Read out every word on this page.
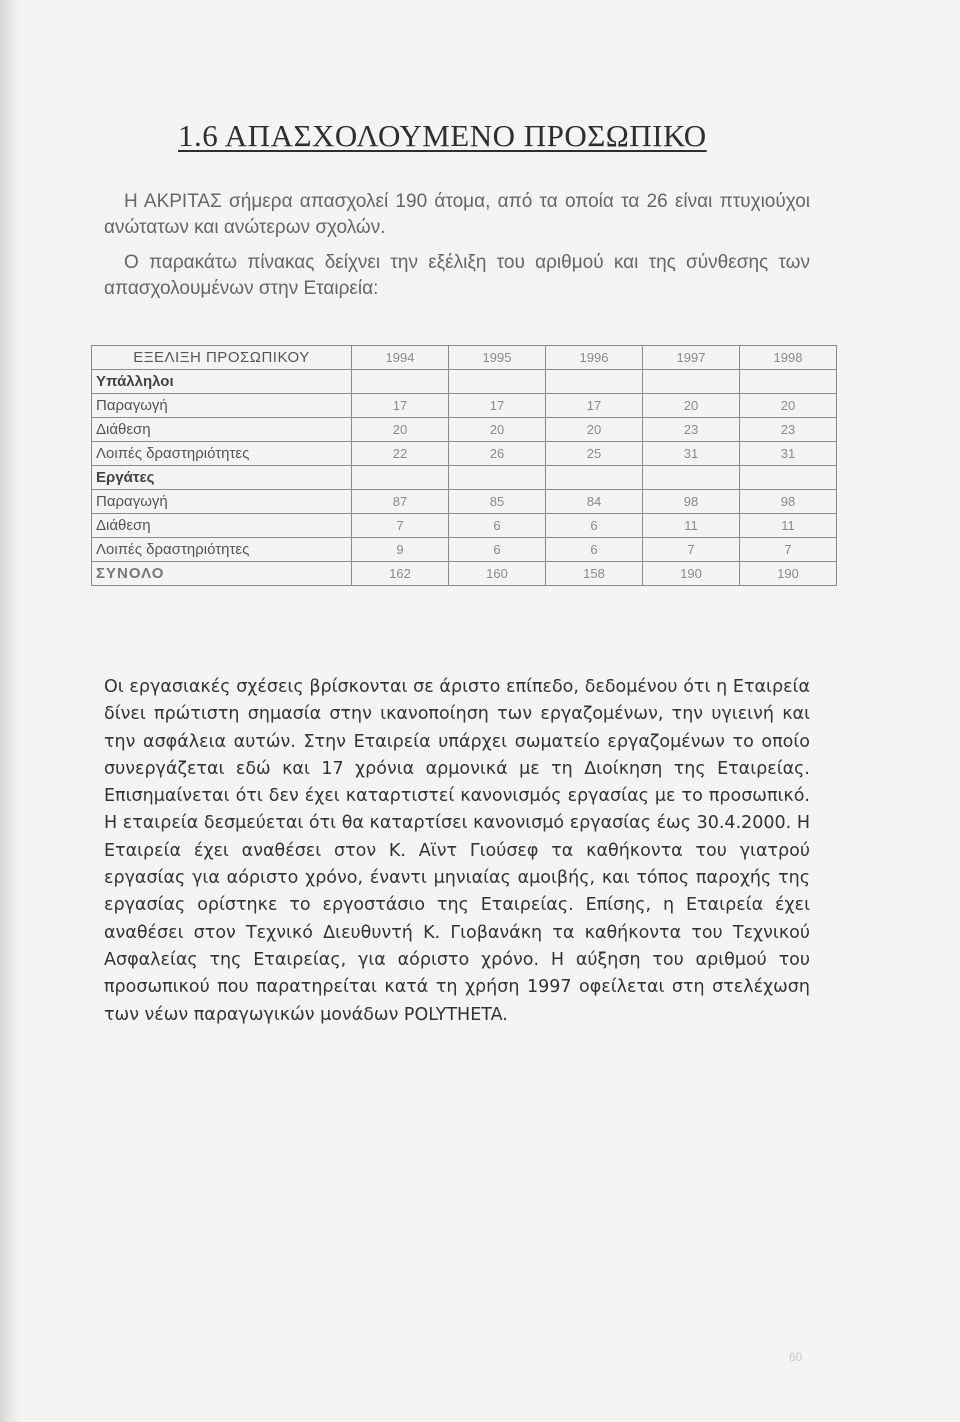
1.6 ΑΠΑΣΧΟΛΟΥΜΕΝΟ ΠΡΟΣΩΠΙΚΟ

Η ΑΚΡΙΤΑΣ σήμερα απασχολεί 190 άτομα, από τα οποία τα 26 είναι πτυχιούχοι ανώτατων και ανώτερων σχολών.

Ο παρακάτω πίνακας δείχνει την εξέλιξη του αριθμού και της σύνθεσης των απασχολουμένων στην Εταιρεία:

ΕΞΕΛΙΞΗ ΠΡΟΣΩΠΙΚΟΥ	1994	1995	1996	1997	1998
Υπάλληλοι					
Παραγωγή	17	17	17	20	20
Διάθεση	20	20	20	23	23
Λοιπές δραστηριότητες	22	26	25	31	31
Εργάτες					
Παραγωγή	87	85	84	98	98
Διάθεση	7	6	6	11	11
Λοιπές δραστηριότητες	9	6	6	7	7
ΣΥΝΟΛΟ	162	160	158	190	190

Οι εργασιακές σχέσεις βρίσκονται σε άριστο επίπεδο, δεδομένου ότι η Εταιρεία δίνει πρώτιστη σημασία στην ικανοποίηση των εργαζομένων, την υγιεινή και την ασφάλεια αυτών. Στην Εταιρεία υπάρχει σωματείο εργαζομένων το οποίο συνεργάζεται εδώ και 17 χρόνια αρμονικά με τη Διοίκηση της Εταιρείας. Επισημαίνεται ότι δεν έχει καταρτιστεί κανονισμός εργασίας με το προσωπικό. Η εταιρεία δεσμεύεται ότι θα καταρτίσει κανονισμό εργασίας έως 30.4.2000. Η Εταιρεία έχει αναθέσει στον Κ. Αϊντ Γιούσεφ τα καθήκοντα του γιατρού εργασίας για αόριστο χρόνο, έναντι μηνιαίας αμοιβής, και τόπος παροχής της εργασίας ορίστηκε το εργοστάσιο της Εταιρείας. Επίσης, η Εταιρεία έχει αναθέσει στον Τεχνικό Διευθυντή Κ. Γιοβανάκη τα καθήκοντα του Τεχνικού Ασφαλείας της Εταιρείας, για αόριστο χρόνο. Η αύξηση του αριθμού του προσωπικού που παρατηρείται κατά τη χρήση 1997 οφείλεται στη στελέχωση των νέων παραγωγικών μονάδων POLYTHETA.

60
